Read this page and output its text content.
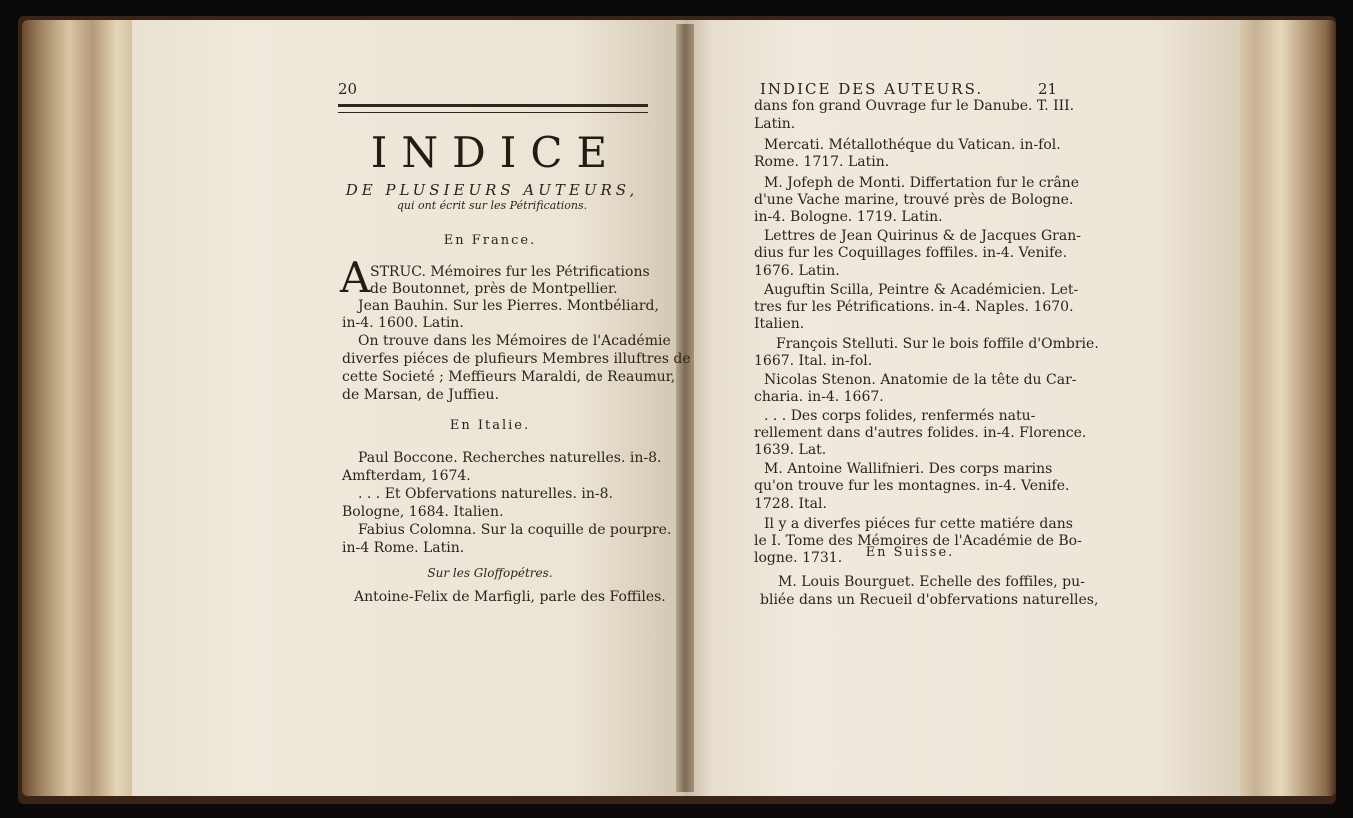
20
INDICE
DE PLUSIEURS AUTEURS,
qui ont écrit sur les Pétrifications.
En France.
A STRUC. Mémoires fur les Pétrifications
de Boutonnet, près de Montpellier.
Jean Bauhin. Sur les Pierres. Montbéliard,
in-4. 1600. Latin.
On trouve dans les Mémoires de l'Académie
diverfes piéces de plufieurs Membres illuftres de
cette Societé ; Meffieurs Maraldi, de Reaumur,
de Marsan, de Juffieu.
En Italie.
Paul Boccone. Recherches naturelles. in-8.
Amfterdam, 1674.
. . . Et Obfervations naturelles. in-8.
Bologne, 1684. Italien.
Fabius Colomna. Sur la coquille de pourpre.
in-4 Rome. Latin.
Sur les Gloffopétres.
Antoine-Felix de Marfigli, parle des Foffiles.
INDICE DES AUTEURS.	21
dans fon grand Ouvrage fur le Danube. T. III.
Latin.
Mercati. Métallothéque du Vatican. in-fol.
Rome. 1717. Latin.
M. Jofeph de Monti. Differtation fur le crâne
d'une Vache marine, trouvé près de Bologne.
in-4. Bologne. 1719. Latin.
Lettres de Jean Quirinus & de Jacques Gran-
dius fur les Coquillages foffiles. in-4. Venife.
1676. Latin.
Auguftin Scilla, Peintre & Académicien. Let-
tres fur les Pétrifications. in-4. Naples. 1670.
Italien.
François Stelluti. Sur le bois foffile d'Ombrie.
1667. Ital. in-fol.
Nicolas Stenon. Anatomie de la tête du Car-
charia. in-4. 1667.
. . . Des corps folides, renfermés natu-
rellement dans d'autres folides. in-4. Florence.
1639. Lat.
M. Antoine Wallifnieri. Des corps marins
qu'on trouve fur les montagnes. in-4. Venife.
1728. Ital.
Il y a diverfes piéces fur cette matiére dans
le I. Tome des Mémoires de l'Académie de Bo-
logne. 1731.	En Suisse.
M. Louis Bourguet. Echelle des foffiles, pu-
bliée dans un Recueil d'obfervations naturelles,
